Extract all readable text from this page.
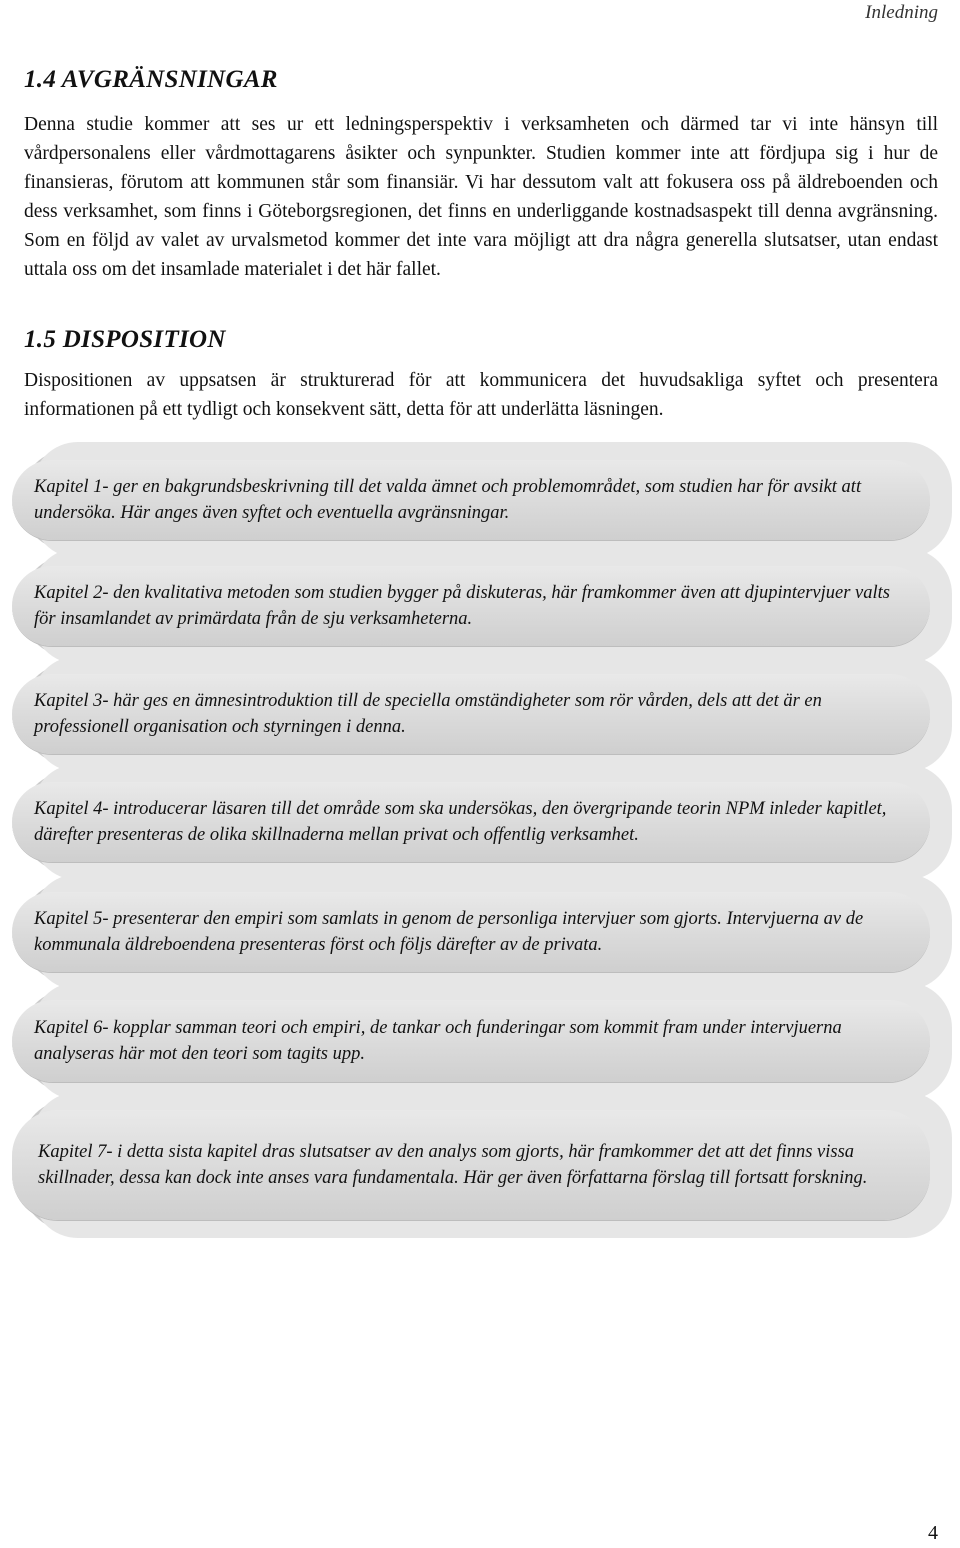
Inledning
1.4 AVGRÄNSNINGAR

Denna studie kommer att ses ur ett ledningsperspektiv i verksamheten och därmed tar vi inte hänsyn till vårdpersonalens eller vårdmottagarens åsikter och synpunkter. Studien kommer inte att fördjupa sig i hur de finansieras, förutom att kommunen står som finansiär. Vi har dessutom valt att fokusera oss på äldreboenden och dess verksamhet, som finns i Göteborgsregionen, det finns en underliggande kostnadsaspekt till denna avgränsning. Som en följd av valet av urvalsmetod kommer det inte vara möjligt att dra några generella slutsatser, utan endast uttala oss om det insamlade materialet i det här fallet.

1.5 DISPOSITION

Dispositionen av uppsatsen är strukturerad för att kommunicera det huvudsakliga syftet och presentera informationen på ett tydligt och konsekvent sätt, detta för att underlätta läsningen.

Kapitel 1- ger en bakgrundsbeskrivning till det valda ämnet och problemområdet, som studien har för avsikt att undersöka. Här anges även syftet och eventuella avgränsningar.
Kapitel 2- den kvalitativa metoden som studien bygger på diskuteras, här framkommer även att djupintervjuer valts för insamlandet av primärdata från de sju verksamheterna.
Kapitel 3- här ges en ämnesintroduktion till de speciella omständigheter som rör vården, dels att det är en professionell organisation och styrningen i denna.
Kapitel 4- introducerar läsaren till det område som ska undersökas, den övergripande teorin NPM inleder kapitlet, därefter presenteras de olika skillnaderna mellan privat och offentlig verksamhet.
Kapitel 5- presenterar den empiri som samlats in genom de personliga intervjuer som gjorts. Intervjuerna av de kommunala äldreboendena presenteras först och följs därefter av de privata.
Kapitel 6- kopplar samman teori och empiri, de tankar och funderingar som kommit fram under intervjuerna analyseras här mot den teori som tagits upp.
Kapitel 7- i detta sista kapitel dras slutsatser av den analys som gjorts, här framkommer det att det finns vissa skillnader, dessa kan dock inte anses vara fundamentala. Här ger även författarna förslag till fortsatt forskning.
4
